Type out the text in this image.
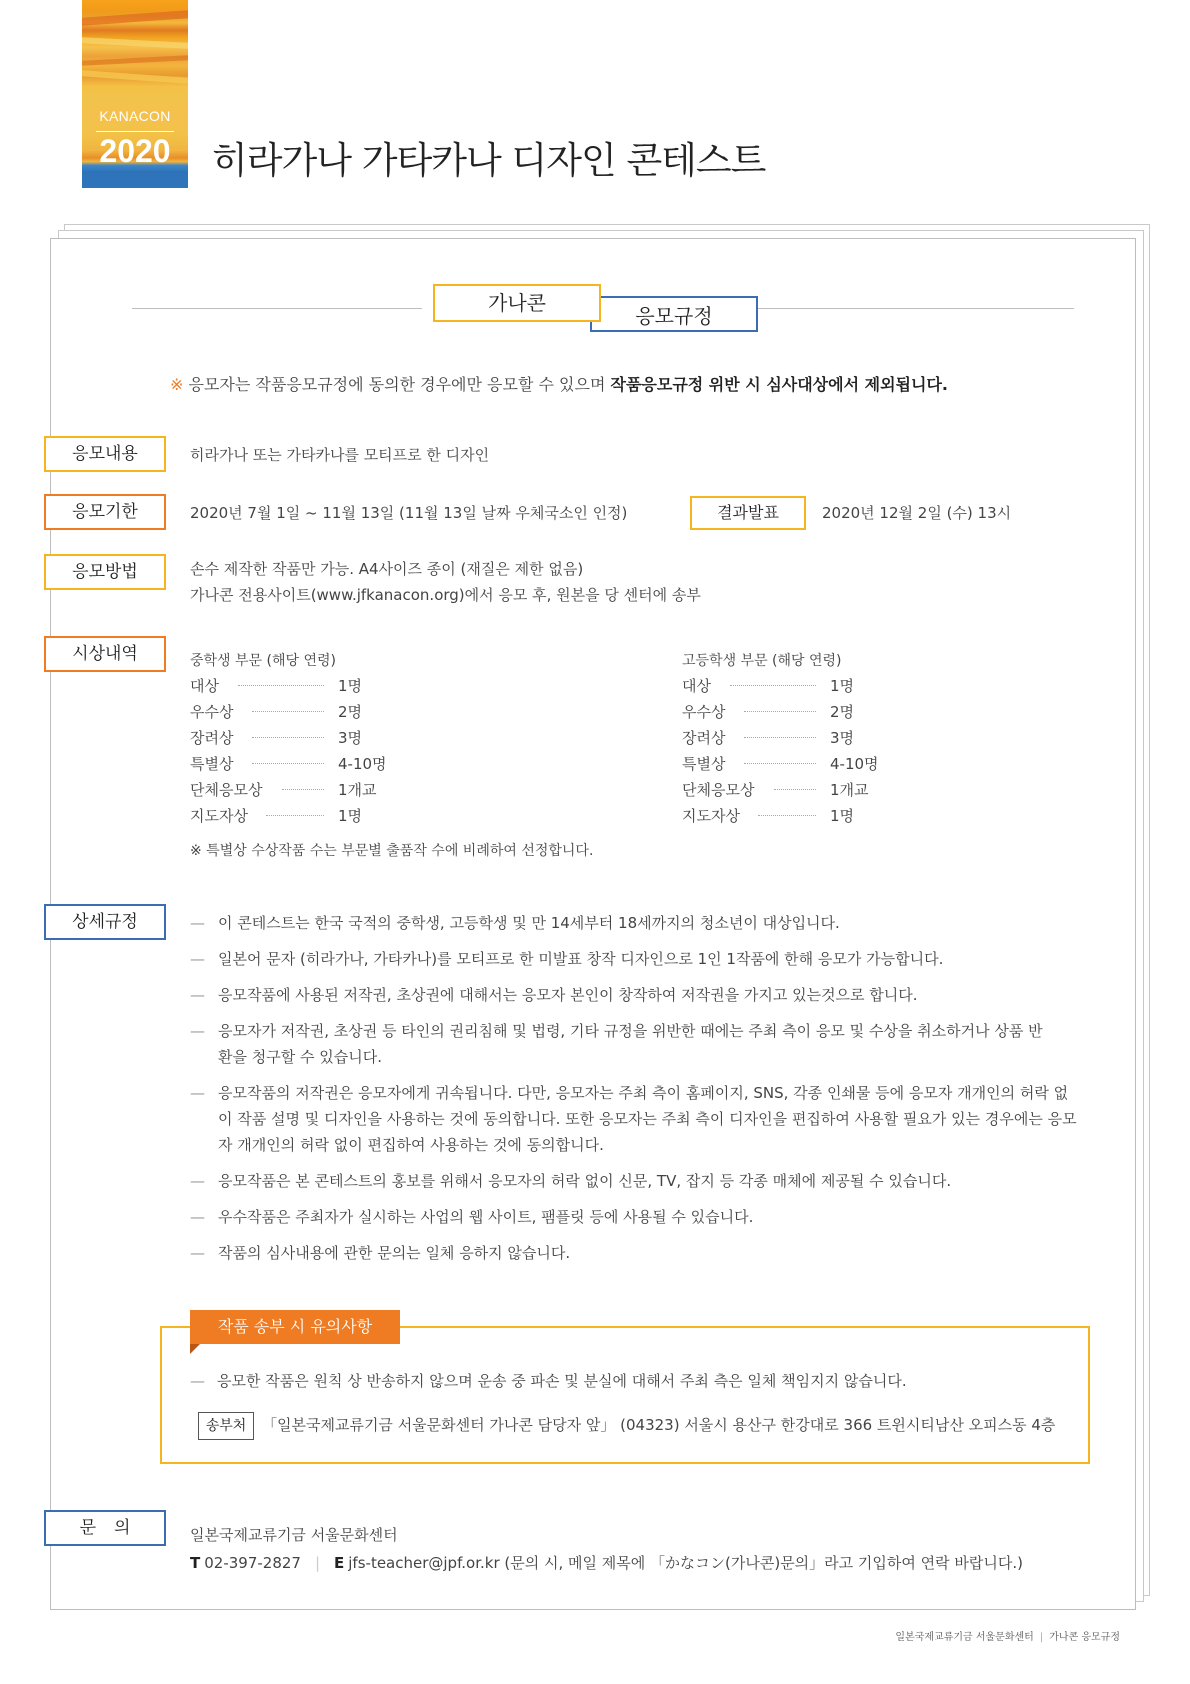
KANACON
2020	히라가나 가타카나 디자인 콘테스트
가나콘
응모규정
※ 응모자는 작품응모규정에 동의한 경우에만 응모할 수 있으며 작품응모규정 위반 시 심사대상에서 제외됩니다.
응모내용	히라가나 또는 가타카나를 모티프로 한 디자인
응모기한	2020년 7월 1일 ~ 11월 13일 (11월 13일 날짜 우체국소인 인정)	결과발표	2020년 12월 2일 (수) 13시
응모방법	손수 제작한 작품만 가능. A4사이즈 종이 (재질은 제한 없음)
가나콘 전용사이트(www.jfkanacon.org)에서 응모 후, 원본을 당 센터에 송부
시상내역	중학생 부문 (해당 연령)
대상	1명
우수상	2명
장려상	3명
특별상	4-10명
단체응모상	1개교
지도자상	1명
고등학생 부문 (해당 연령)
대상	1명
우수상	2명
장려상	3명
특별상	4-10명
단체응모상	1개교
지도자상	1명
※ 특별상 수상작품 수는 부문별 출품작 수에 비례하여 선정합니다.
상세규정	— 이 콘테스트는 한국 국적의 중학생, 고등학생 및 만 14세부터 18세까지의 청소년이 대상입니다.
— 일본어 문자 (히라가나, 가타카나)를 모티프로 한 미발표 창작 디자인으로 1인 1작품에 한해 응모가 가능합니다.
— 응모작품에 사용된 저작권, 초상권에 대해서는 응모자 본인이 창작하여 저작권을 가지고 있는것으로 합니다.
— 응모자가 저작권, 초상권 등 타인의 권리침해 및 법령, 기타 규정을 위반한 때에는 주최 측이 응모 및 수상을 취소하거나 상품 반환을 청구할 수 있습니다.
— 응모작품의 저작권은 응모자에게 귀속됩니다. 다만, 응모자는 주최 측이 홈페이지, SNS, 각종 인쇄물 등에 응모자 개개인의 허락 없이 작품 설명 및 디자인을 사용하는 것에 동의합니다. 또한 응모자는 주최 측이 디자인을 편집하여 사용할 필요가 있는 경우에는 응모자 개개인의 허락 없이 편집하여 사용하는 것에 동의합니다.
— 응모작품은 본 콘테스트의 홍보를 위해서 응모자의 허락 없이 신문, TV, 잡지 등 각종 매체에 제공될 수 있습니다.
— 우수작품은 주최자가 실시하는 사업의 웹 사이트, 팸플릿 등에 사용될 수 있습니다.
— 작품의 심사내용에 관한 문의는 일체 응하지 않습니다.
작품 송부 시 유의사항
— 응모한 작품은 원칙 상 반송하지 않으며 운송 중 파손 및 분실에 대해서 주최 측은 일체 책임지지 않습니다.
송부처	「일본국제교류기금 서울문화센터 가나콘 담당자 앞」 (04323) 서울시 용산구 한강대로 366 트윈시티남산 오피스동 4층
문의	일본국제교류기금 서울문화센터
T 02-397-2827 | E jfs-teacher@jpf.or.kr (문의 시, 메일 제목에 「かなコン(가나콘)문의」라고 기입하여 연락 바랍니다.)
일본국제교류기금 서울문화센터 | 가나콘 응모규정
